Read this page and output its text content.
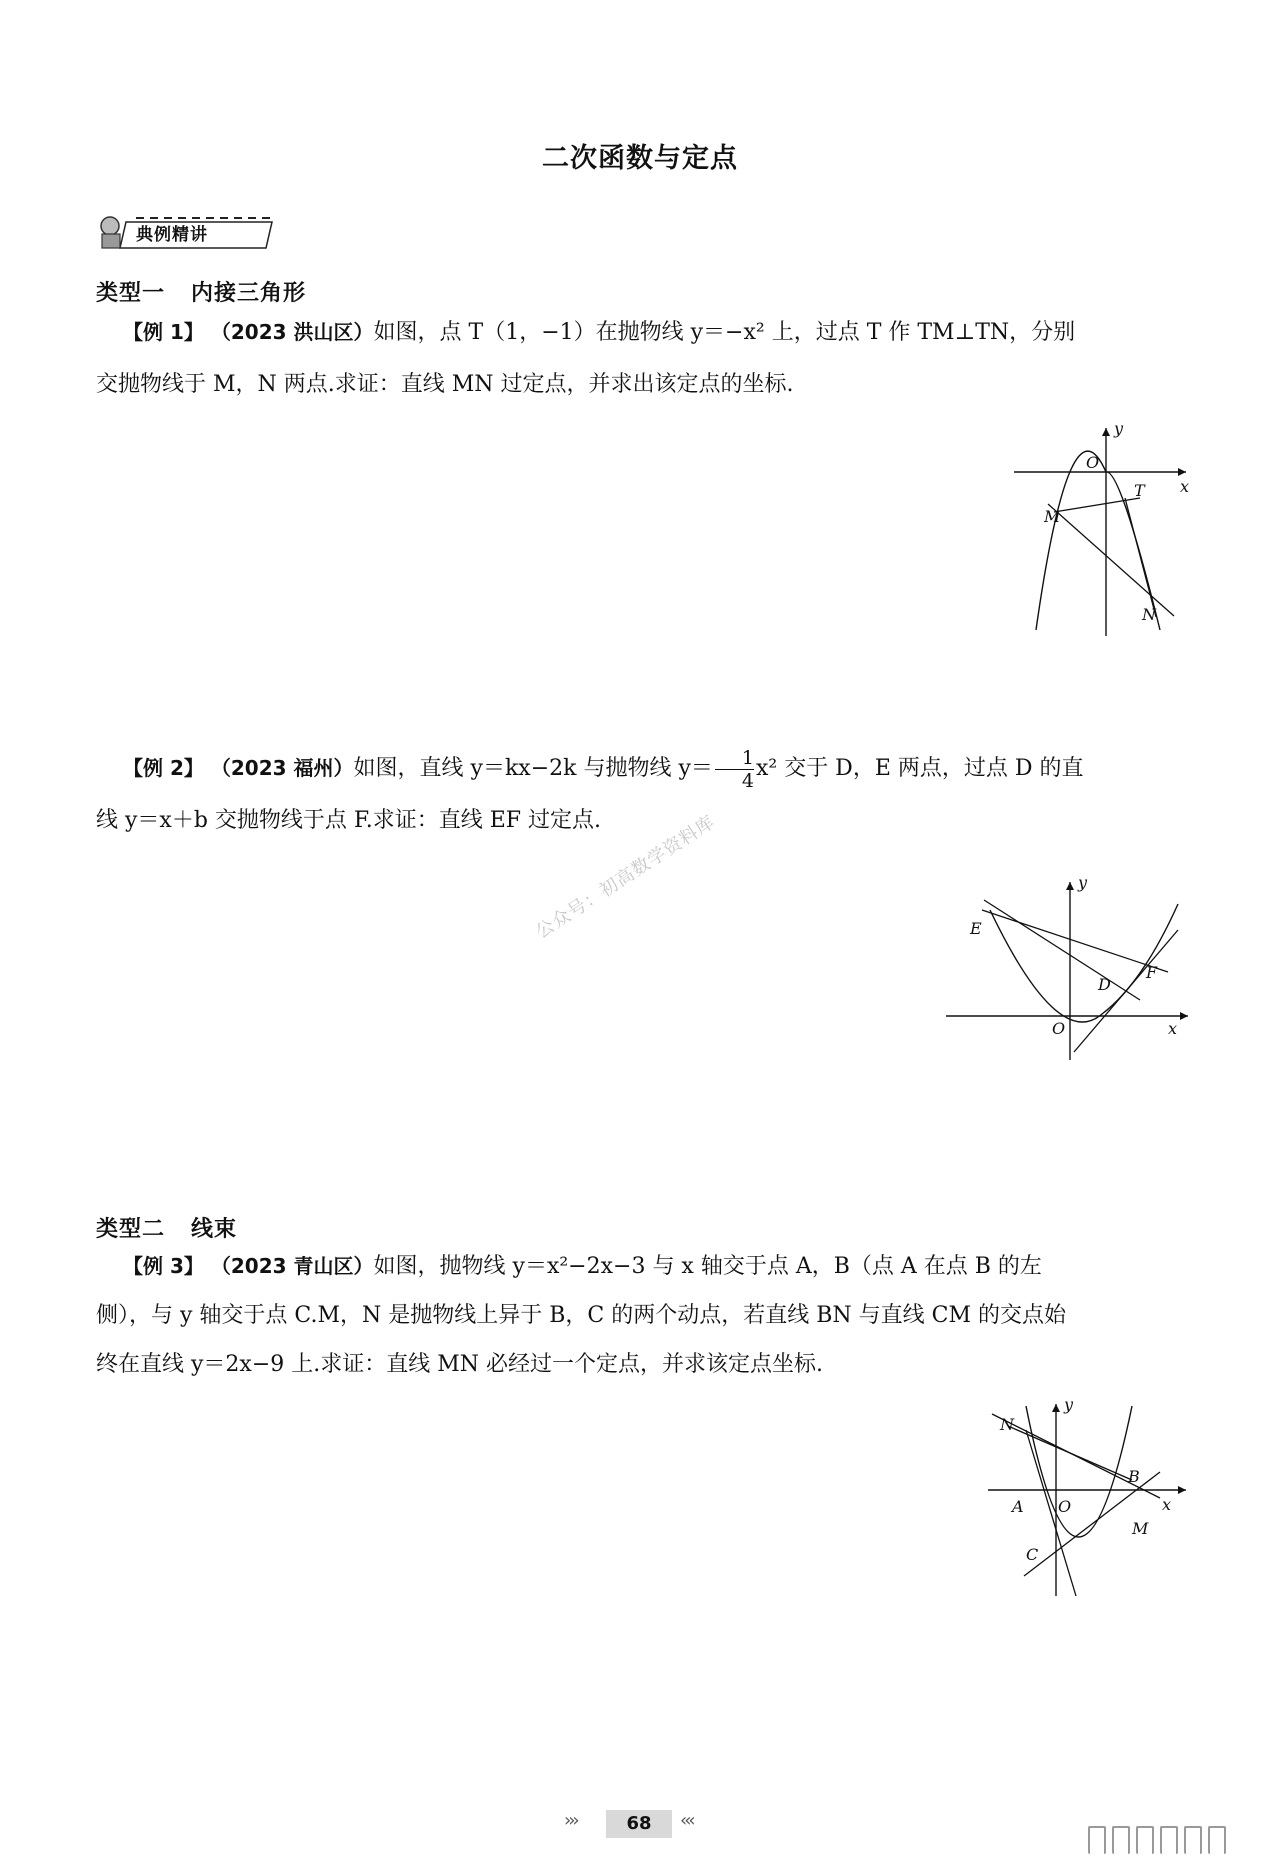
二次函数与定点
典例精讲
类型一 内接三角形
【例 1】 （2023 洪山区）如图，点 T（1，−1）在抛物线 y＝−x² 上，过点 T 作 TM⊥TN，分别
交抛物线于 M，N 两点.求证：直线 MN 过定点，并求出该定点的坐标.
y
x
O
T
M
N
【例 2】 （2023 福州）如图，直线 y＝kx−2k 与抛物线 $y= \frac{1}{4} x^2$ 交于 D，E 两点，过点 D 的直
线 y＝x＋b 交抛物线于点 F.求证：直线 EF 过定点.
公众号：初高数学资料库	y
x
O
E
D
F
类型二 线束
【例 3】 （2023 青山区）如图，抛物线 y＝x²−2x−3 与 x 轴交于点 A，B（点 A 在点 B 的左
侧），与 y 轴交于点 C.M，N 是抛物线上异于 B，C 的两个动点，若直线 BN 与直线 CM 的交点始
终在直线 y＝2x−9 上.求证：直线 MN 必经过一个定点，并求该定点坐标.
y
x
O
A
B
C
M
N
›››	68	‹‹‹
